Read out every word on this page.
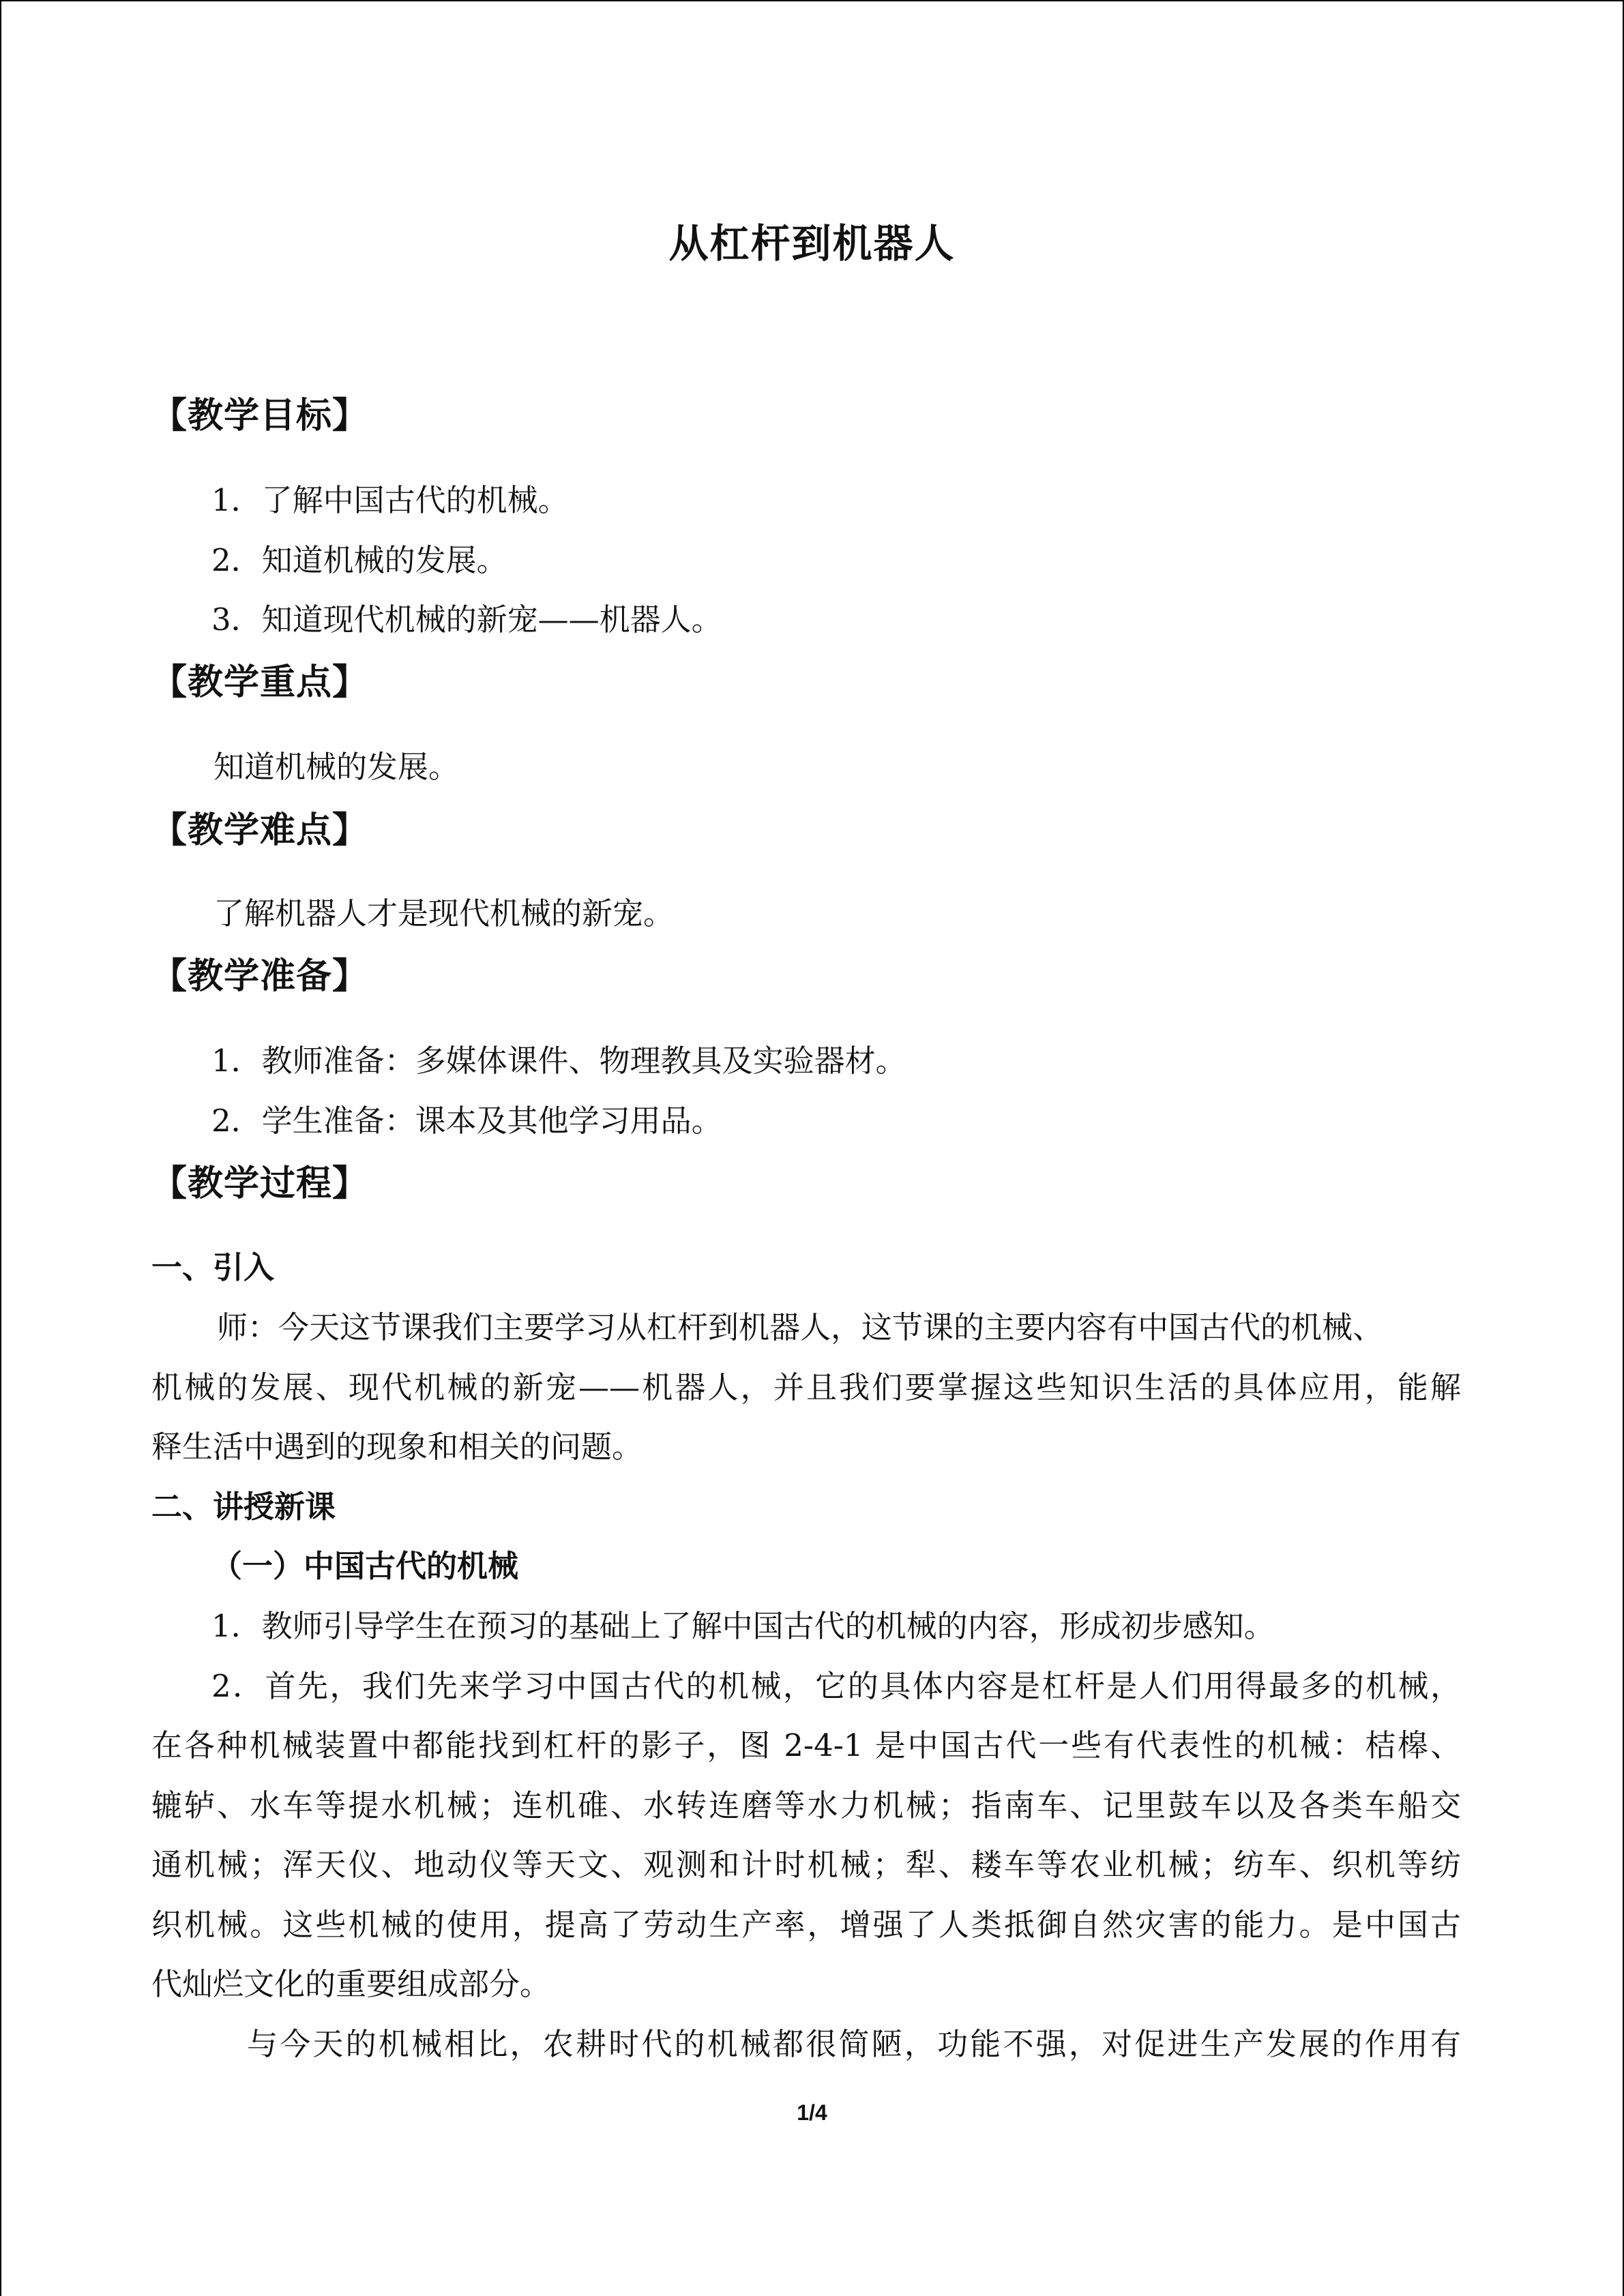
从杠杆到机器人
【教学目标】
1．了解中国古代的机械。
2．知道机械的发展。
3．知道现代机械的新宠——机器人。
【教学重点】
知道机械的发展。
【教学难点】
了解机器人才是现代机械的新宠。
【教学准备】
1．教师准备：多媒体课件、物理教具及实验器材。
2．学生准备：课本及其他学习用品。
【教学过程】
一、引入
师：今天这节课我们主要学习从杠杆到机器人，这节课的主要内容有中国古代的机械、
机械的发展、现代机械的新宠——机器人，并且我们要掌握这些知识生活的具体应用，能解
释生活中遇到的现象和相关的问题。
二、讲授新课
（一）中国古代的机械
1．教师引导学生在预习的基础上了解中国古代的机械的内容，形成初步感知。
2．首先，我们先来学习中国古代的机械，它的具体内容是杠杆是人们用得最多的机械，
在各种机械装置中都能找到杠杆的影子，图 2-4-1 是中国古代一些有代表性的机械：桔槔、
辘轳、水车等提水机械；连机碓、水转连磨等水力机械；指南车、记里鼓车以及各类车船交
通机械；浑天仪、地动仪等天文、观测和计时机械；犁、耧车等农业机械；纺车、织机等纺
织机械。这些机械的使用，提高了劳动生产率，增强了人类抵御自然灾害的能力。是中国古
代灿烂文化的重要组成部分。
与今天的机械相比，农耕时代的机械都很简陋，功能不强，对促进生产发展的作用有
1/4
